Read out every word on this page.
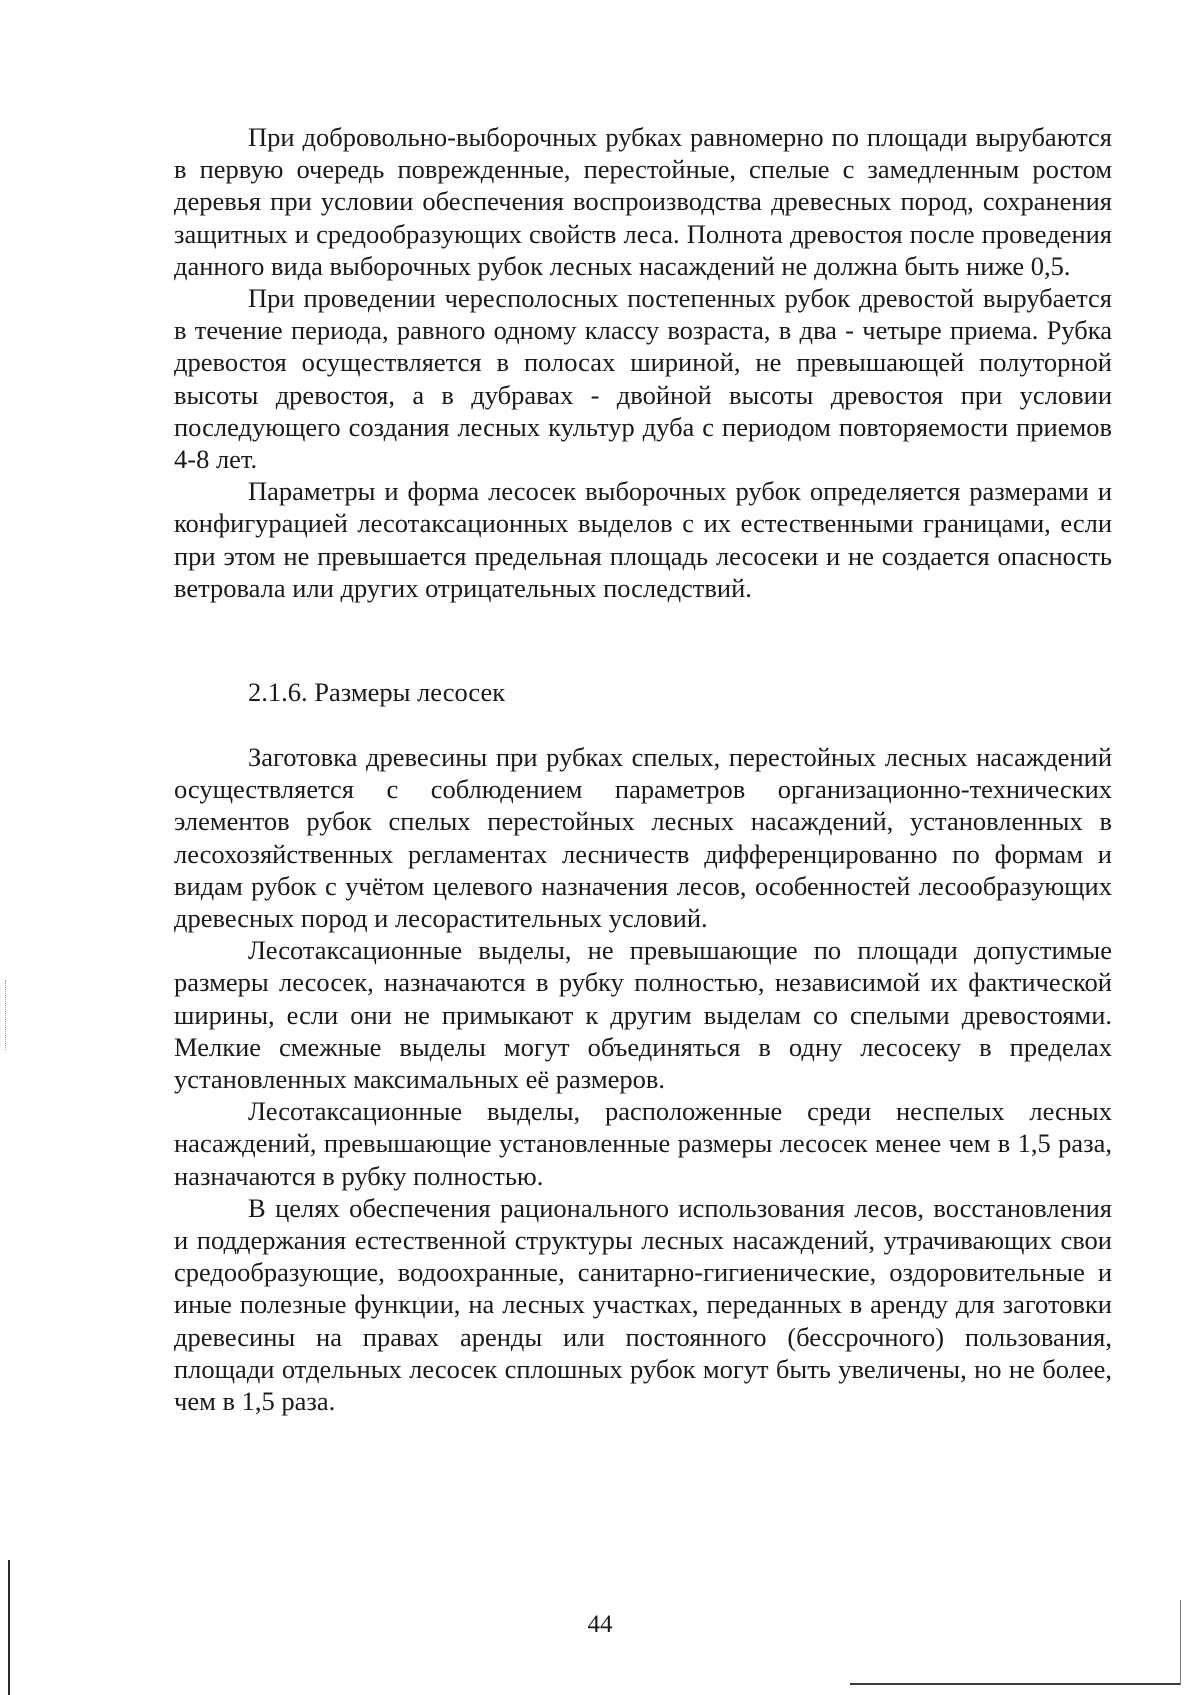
При добровольно-выборочных рубках равномерно по площади вырубаются в первую очередь поврежденные, перестойные, спелые с замедленным ростом деревья при условии обеспечения воспроизводства древесных пород, сохранения защитных и средообразующих свойств леса. Полнота древостоя после проведения данного вида выборочных рубок лесных насаждений не должна быть ниже 0,5.

При проведении чересполосных постепенных рубок древостой вырубается в течение периода, равного одному классу возраста, в два - четыре приема. Рубка древостоя осуществляется в полосах шириной, не превышающей полуторной высоты древостоя, а в дубравах - двойной высоты древостоя при условии последующего создания лесных культур дуба с периодом повторяемости приемов 4-8 лет.

Параметры и форма лесосек выборочных рубок определяется размерами и конфигурацией лесотаксационных выделов с их естественными границами, если при этом не превышается предельная площадь лесосеки и не создается опасность ветровала или других отрицательных последствий.

2.1.6. Размеры лесосек

Заготовка древесины при рубках спелых, перестойных лесных насаждений осуществляется с соблюдением параметров организационно-технических элементов рубок спелых перестойных лесных насаждений, установленных в лесохозяйственных регламентах лесничеств дифференцированно по формам и видам рубок с учётом целевого назначения лесов, особенностей лесообразующих древесных пород и лесорастительных условий.

Лесотаксационные выделы, не превышающие по площади допустимые размеры лесосек, назначаются в рубку полностью, независимой их фактической ширины, если они не примыкают к другим выделам со спелыми древостоями. Мелкие смежные выделы могут объединяться в одну лесосеку в пределах установленных максимальных её размеров.

Лесотаксационные выделы, расположенные среди неспелых лесных насаждений, превышающие установленные размеры лесосек менее чем в 1,5 раза, назначаются в рубку полностью.

В целях обеспечения рационального использования лесов, восстановления и поддержания естественной структуры лесных насаждений, утрачивающих свои средообразующие, водоохранные, санитарно-гигиенические, оздоровительные и иные полезные функции, на лесных участках, переданных в аренду для заготовки древесины на правах аренды или постоянного (бессрочного) пользования, площади отдельных лесосек сплошных рубок могут быть увеличены, но не более, чем в 1,5 раза.

44
